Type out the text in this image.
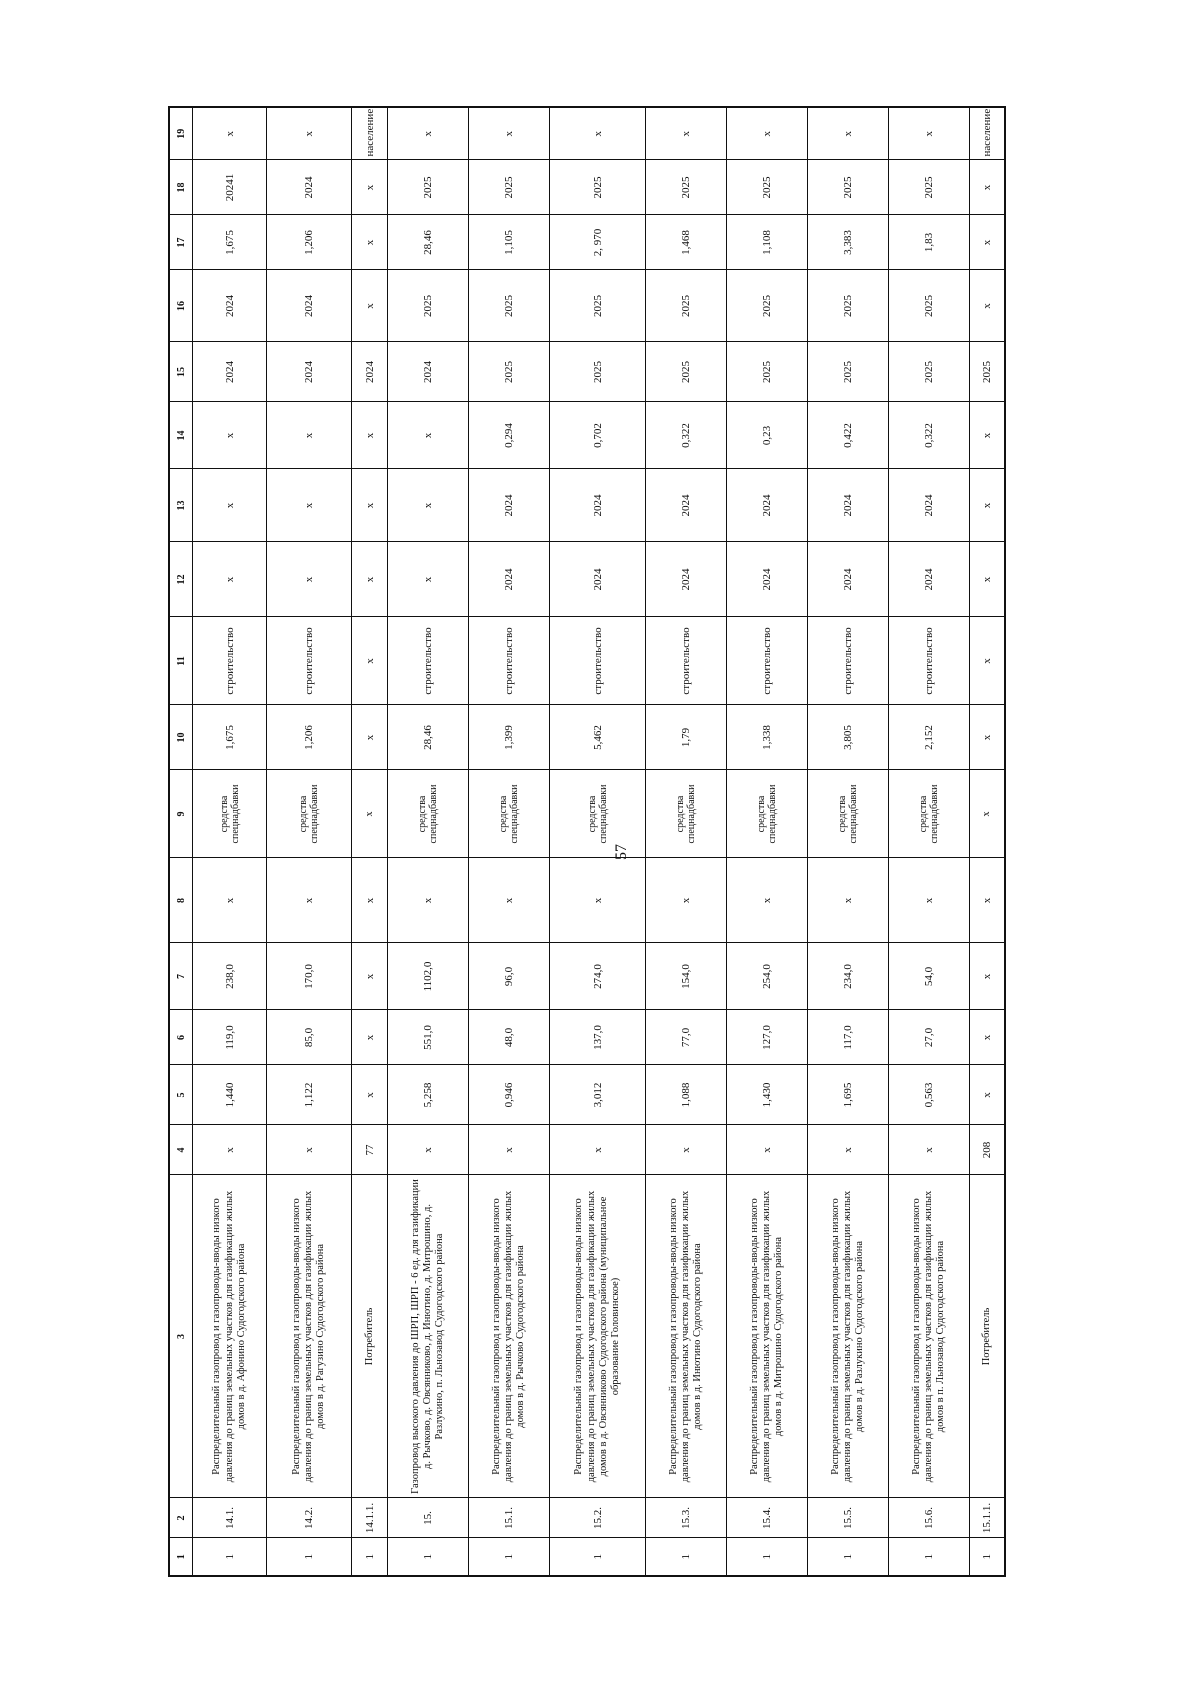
57
1	2	3	4	5	6	7	8	9	10	11	12	13	14	15	16	17	18	19
1	14.1.	Распределительный газопровод и газопроводы-вводы низкого давления до границ земельных участков для газификации жилых домов в д. Афонино Судогодского района	x	1,440	119,0	238,0	x	средства спецнадбавки	1,675	строительство	x	x	x	2024	2024	1,675	20241	x
1	14.2.	Распределительный газопровод и газопроводы-вводы низкого давления до границ земельных участков для газификации жилых домов в д. Рагузино Судогодского района	x	1,122	85,0	170,0	x	средства спецнадбавки	1,206	строительство	x	x	x	2024	2024	1,206	2024	x
1	14.1.1.	Потребитель	77	x	x	x	x	x	x	x	x	x	x	2024	x	x	x	население
1	15.	Газопровод высокого давления до ШРП, ШРП - 6 ед. для газификации д. Рычково, д. Овсянниково, д. Инютино, д. Митрошино, д. Разлукино, п. Льнозавод Судогодского района	x	5,258	551,0	1102,0	x	средства спецнадбавки	28,46	строительство	x	x	x	2024	2025	28,46	2025	x
1	15.1.	Распределительный газопровод и газопроводы-вводы низкого давления до границ земельных участков для газификации жилых домов в д. Рычково Судогодского района	x	0,946	48,0	96,0	x	средства спецнадбавки	1,399	строительство	2024	2024	0,294	2025	2025	1,105	2025	x
1	15.2.	Распределительный газопровод и газопроводы-вводы низкого давления до границ земельных участков для газификации жилых домов в д. Овсянниково Судогодского района (муниципальное образование Головинское)	x	3,012	137,0	274,0	x	средства спецнадбавки	5,462	строительство	2024	2024	0,702	2025	2025	2, 970	2025	x
1	15.3.	Распределительный газопровод и газопроводы-вводы низкого давления до границ земельных участков для газификации жилых домов в д. Инютино Судогодского района	x	1,088	77,0	154,0	x	средства спецнадбавки	1,79	строительство	2024	2024	0,322	2025	2025	1,468	2025	x
1	15.4.	Распределительный газопровод и газопроводы-вводы низкого давления до границ земельных участков для газификации жилых домов в д. Митрошино Судогодского района	x	1,430	127,0	254,0	x	средства спецнадбавки	1,338	строительство	2024	2024	0,23	2025	2025	1,108	2025	x
1	15.5.	Распределительный газопровод и газопроводы-вводы низкого давления до границ земельных участков для газификации жилых домов в д. Разлукино Судогодского района	x	1,695	117,0	234,0	x	средства спецнадбавки	3,805	строительство	2024	2024	0,422	2025	2025	3,383	2025	x
1	15.6.	Распределительный газопровод и газопроводы-вводы низкого давления до границ земельных участков для газификации жилых домов в п. Льнозавод Судогодского района	x	0,563	27,0	54,0	x	средства спецнадбавки	2,152	строительство	2024	2024	0,322	2025	2025	1,83	2025	x
1	15.1.1.	Потребитель	208	x	x	x	x	x	x	x	x	x	x	2025	x	x	x	население
